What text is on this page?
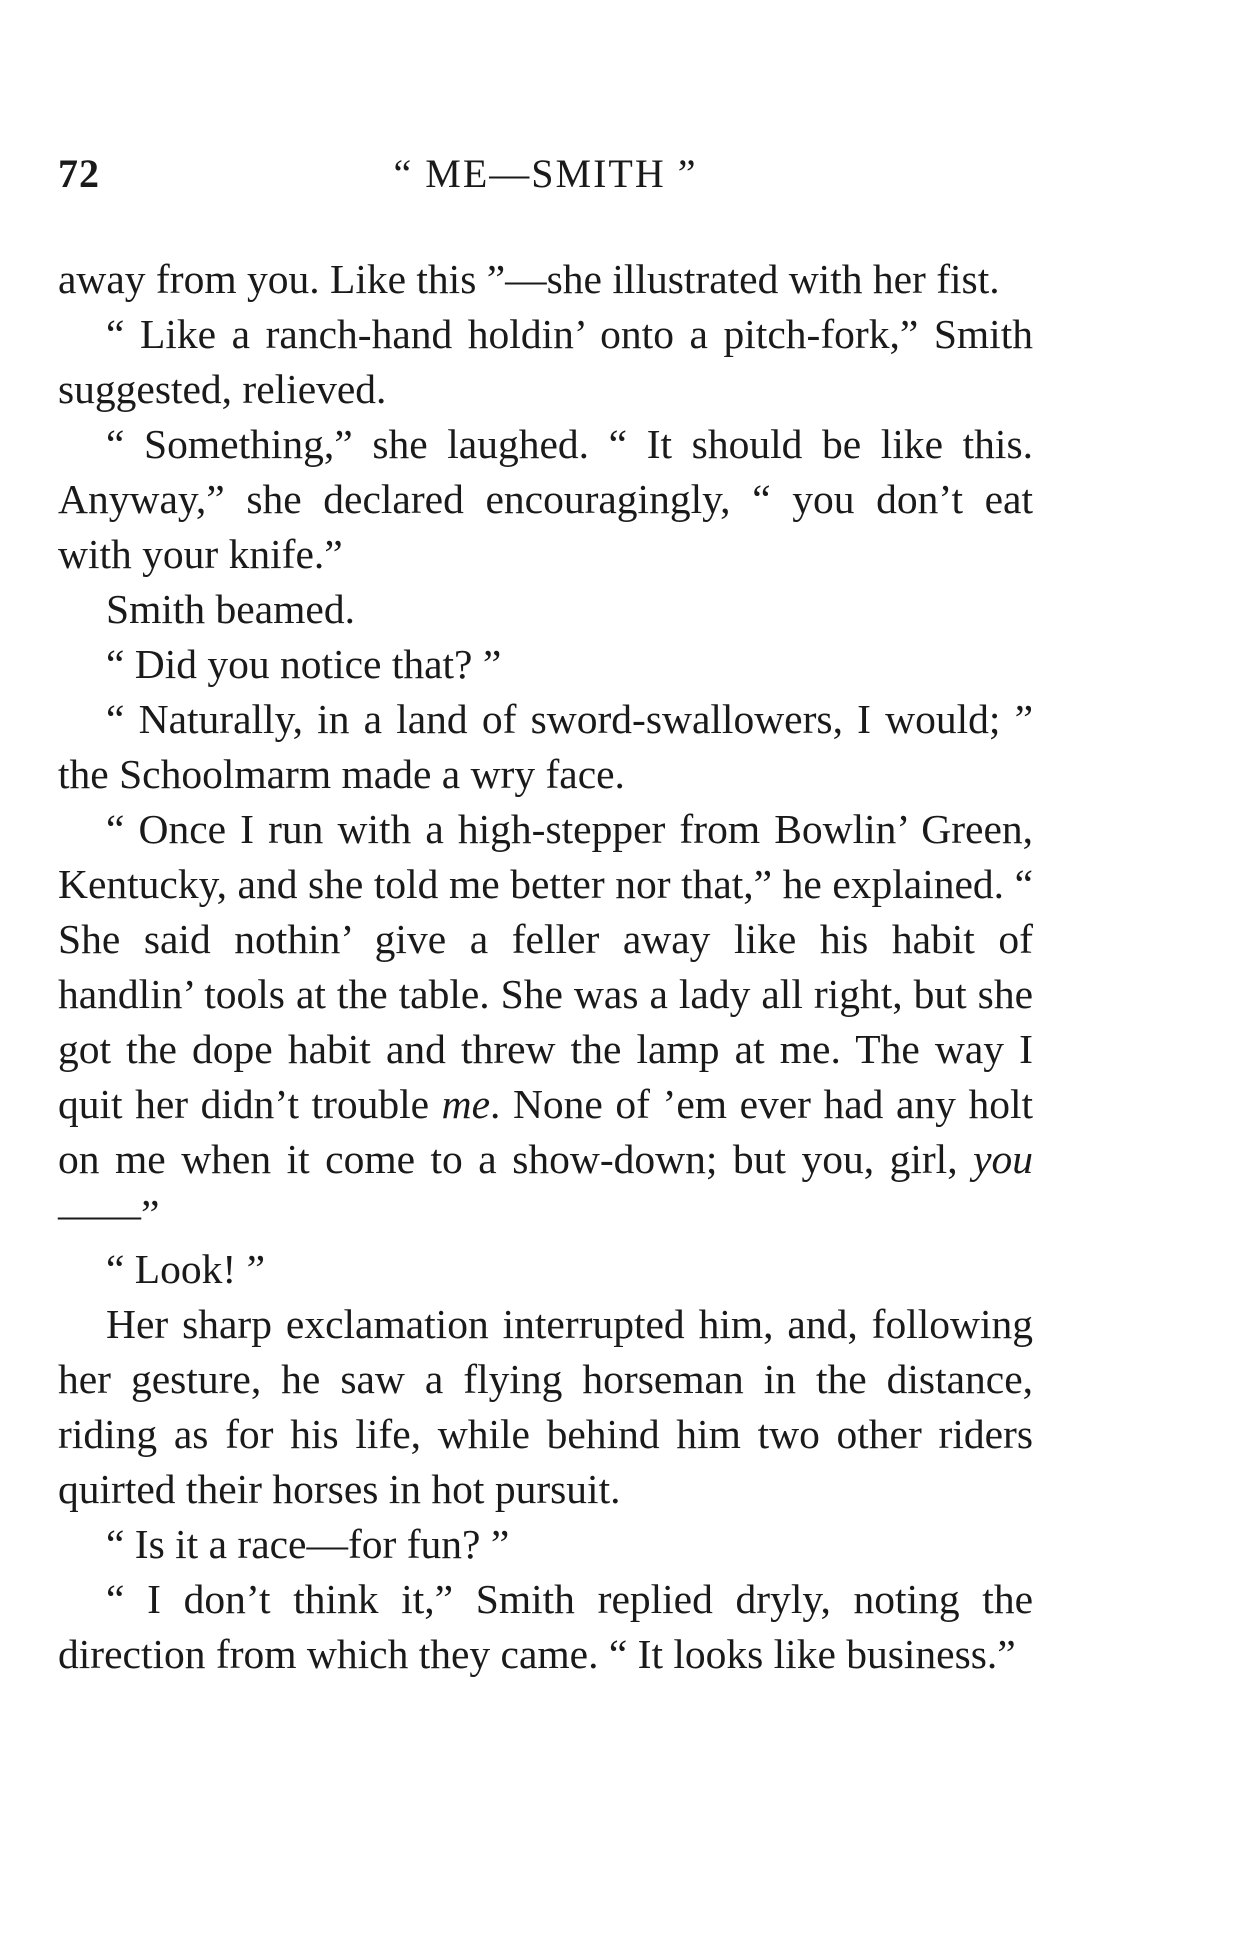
72	“ ME—SMITH ”

away from you. Like this ”—she illustrated with her fist.

“ Like a ranch-hand holdin’ onto a pitch-fork,” Smith suggested, relieved.

“ Something,” she laughed. “ It should be like this. Anyway,” she declared encouragingly, “ you don’t eat with your knife.”

Smith beamed.

“ Did you notice that? ”

“ Naturally, in a land of sword-swallowers, I would; ” the Schoolmarm made a wry face.

“ Once I run with a high-stepper from Bowlin’ Green, Kentucky, and she told me better nor that,” he explained. “ She said nothin’ give a feller away like his habit of handlin’ tools at the table. She was a lady all right, but she got the dope habit and threw the lamp at me. The way I quit her didn’t trouble me. None of ’em ever had any holt on me when it come to a show-down; but you, girl, you——”

“ Look! ”

Her sharp exclamation interrupted him, and, following her gesture, he saw a flying horseman in the distance, riding as for his life, while behind him two other riders quirted their horses in hot pursuit.

“ Is it a race—for fun? ”

“ I don’t think it,” Smith replied dryly, noting the direction from which they came. “ It looks like business.”
